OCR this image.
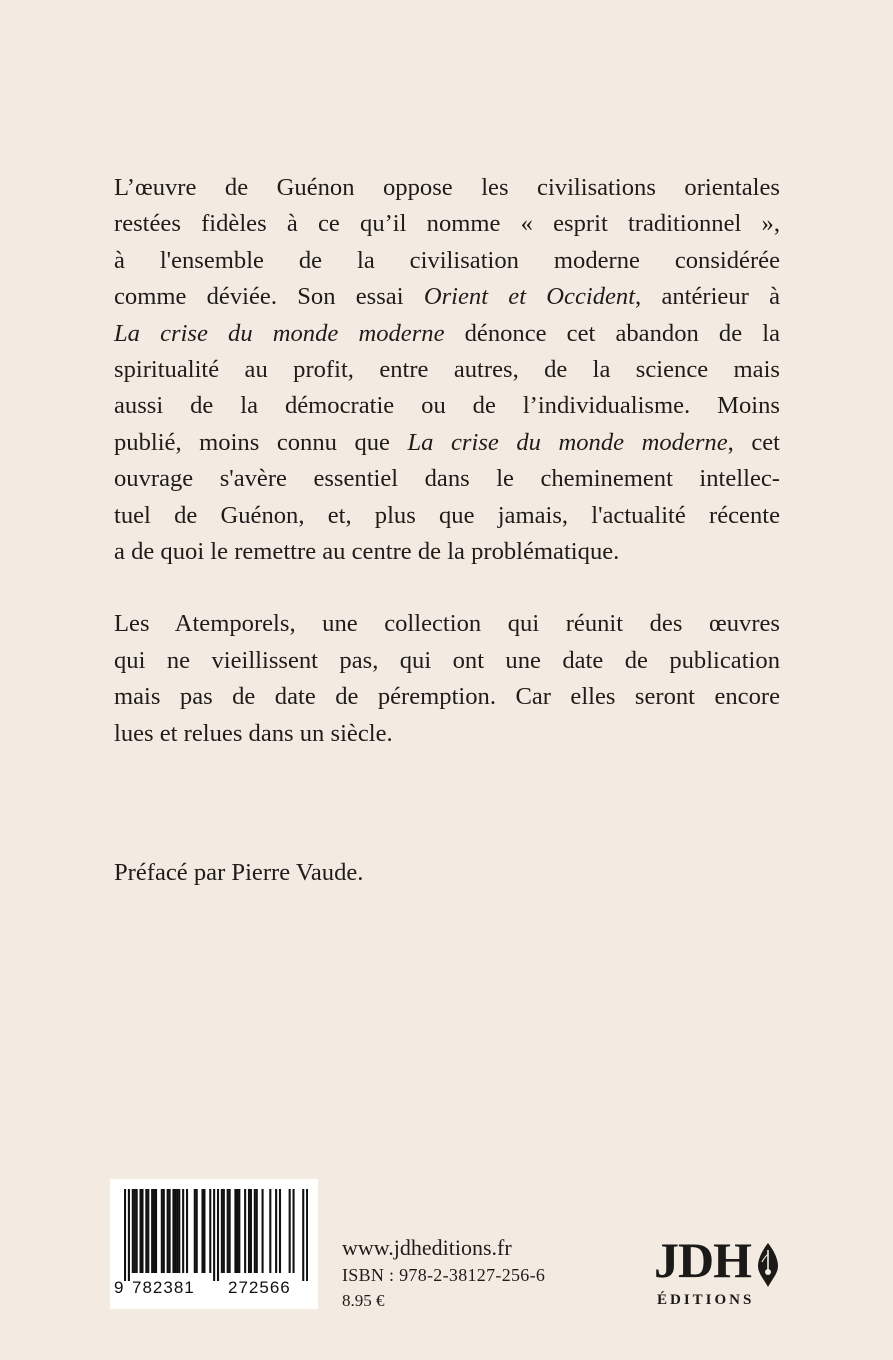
L’œuvre de Guénon oppose les civilisations orientales
restées fidèles à ce qu’il nomme « esprit traditionnel »,
à l'ensemble de la civilisation moderne considérée
comme déviée. Son essai Orient et Occident, antérieur à
La crise du monde moderne dénonce cet abandon de la
spiritualité au profit, entre autres, de la science mais
aussi de la démocratie ou de l’individualisme. Moins
publié, moins connu que La crise du monde moderne, cet
ouvrage s'avère essentiel dans le cheminement intellec-
tuel de Guénon, et, plus que jamais, l'actualité récente
a de quoi le remettre au centre de la problématique.

Les Atemporels, une collection qui réunit des œuvres
qui ne vieillissent pas, qui ont une date de publication
mais pas de date de péremption. Car elles seront encore
lues et relues dans un siècle.

Préfacé par Pierre Vaude.

9 782381 272566
www.jdheditions.fr
ISBN : 978-2-38127-256-6
8.95 €
JDH
ÉDITIONS
